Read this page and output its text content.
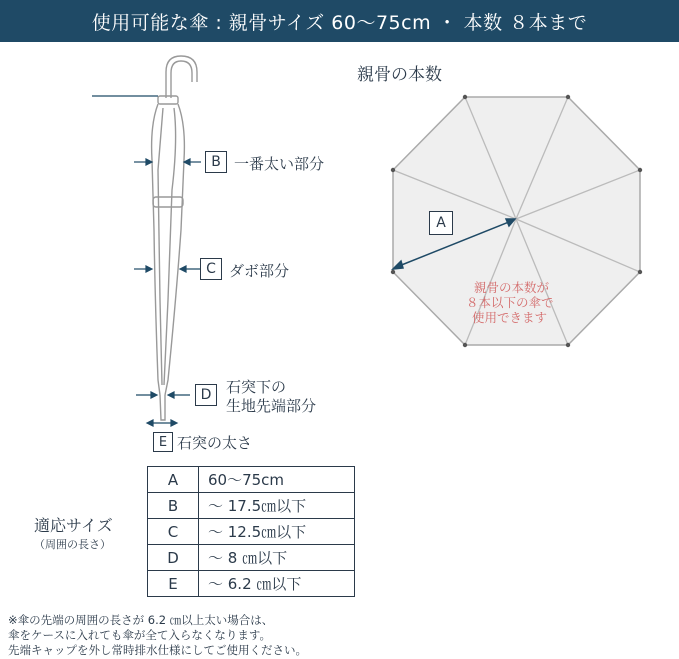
使用可能な傘 : 親骨サイズ 60〜75cm ・ 本数 ８本まで
親骨の本数
A
親骨の本数が
８本以下の傘で
使用できます
B 一番太い部分
C ダボ部分
D 石突下の
生地先端部分
E 石突の太さ
適応サイズ
（周囲の長さ）
A	60〜75cm
B	〜 17.5㎝以下
C	〜 12.5㎝以下
D	〜 8 ㎝以下
E	〜 6.2 ㎝以下
※傘の先端の周囲の長さが 6.2 ㎝以上太い場合は、
傘をケースに入れても傘が全て入らなくなります。
先端キャップを外し常時排水仕様にしてご使用ください。
